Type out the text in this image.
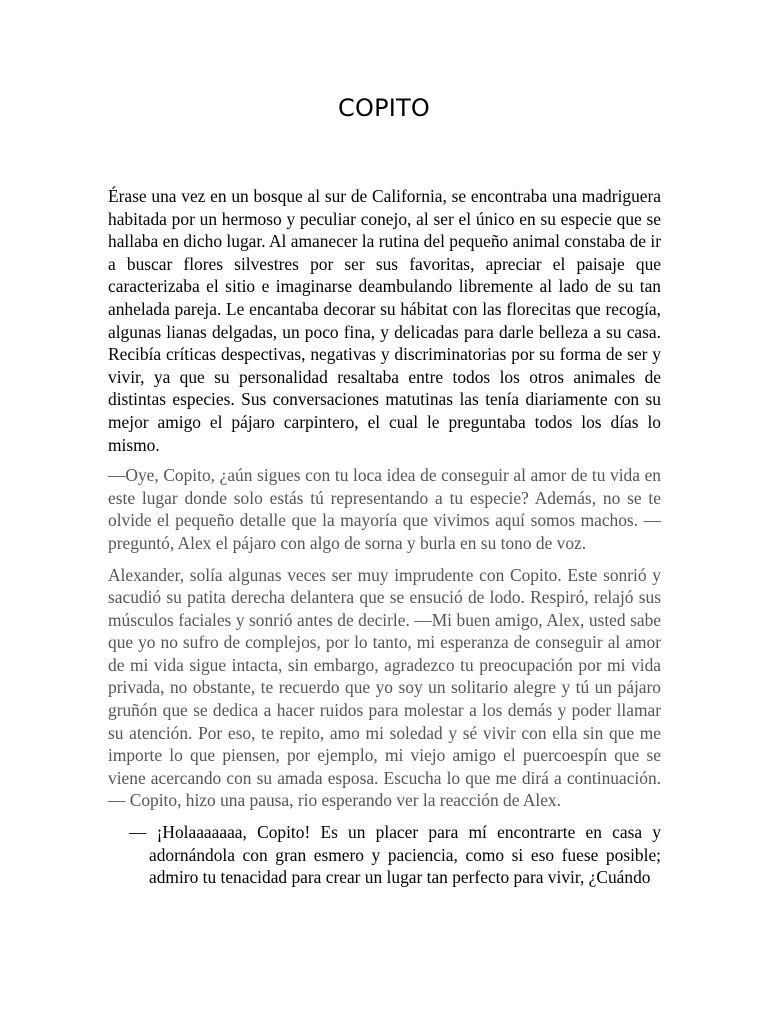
COPITO

Érase una vez en un bosque al sur de California, se encontraba una madriguera habitada por un hermoso y peculiar conejo, al ser el único en su especie que se hallaba en dicho lugar. Al amanecer la rutina del pequeño animal constaba de ir a buscar flores silvestres por ser sus favoritas, apreciar el paisaje que caracterizaba el sitio e imaginarse deambulando libremente al lado de su tan anhelada pareja. Le encantaba decorar su hábitat con las florecitas que recogía, algunas lianas delgadas, un poco fina, y delicadas para darle belleza a su casa. Recibía críticas despectivas, negativas y discriminatorias por su forma de ser y vivir, ya que su personalidad resaltaba entre todos los otros animales de distintas especies. Sus conversaciones matutinas las tenía diariamente con su mejor amigo el pájaro carpintero, el cual le preguntaba todos los días lo mismo.

—Oye, Copito, ¿aún sigues con tu loca idea de conseguir al amor de tu vida en este lugar donde solo estás tú representando a tu especie? Además, no se te olvide el pequeño detalle que la mayoría que vivimos aquí somos machos. —preguntó, Alex el pájaro con algo de sorna y burla en su tono de voz.

Alexander, solía algunas veces ser muy imprudente con Copito. Este sonrió y sacudió su patita derecha delantera que se ensució de lodo. Respiró, relajó sus músculos faciales y sonrió antes de decirle. —Mi buen amigo, Alex, usted sabe que yo no sufro de complejos, por lo tanto, mi esperanza de conseguir al amor de mi vida sigue intacta, sin embargo, agradezco tu preocupación por mi vida privada, no obstante, te recuerdo que yo soy un solitario alegre y tú un pájaro gruñón que se dedica a hacer ruidos para molestar a los demás y poder llamar su atención. Por eso, te repito, amo mi soledad y sé vivir con ella sin que me importe lo que piensen, por ejemplo, mi viejo amigo el puercoespín que se viene acercando con su amada esposa. Escucha lo que me dirá a continuación. — Copito, hizo una pausa, rio esperando ver la reacción de Alex.

— ¡Holaaaaaaa, Copito! Es un placer para mí encontrarte en casa y adornándola con gran esmero y paciencia, como si eso fuese posible; admiro tu tenacidad para crear un lugar tan perfecto para vivir, ¿Cuándo
